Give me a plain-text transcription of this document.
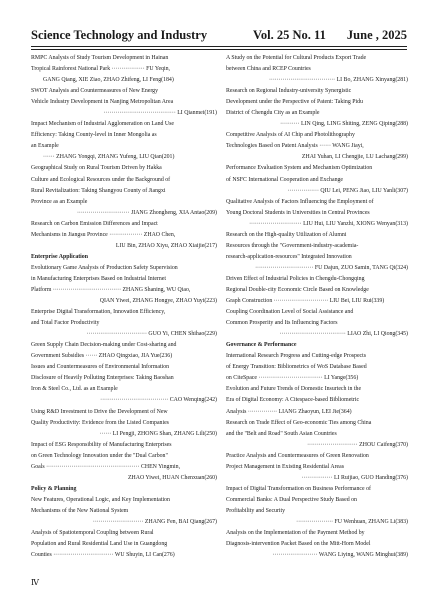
Science Technology and Industry	Vol. 25 No. 11 June , 2025
RMPC Analysis of Study Tourism Development in Hainan
Tropical Rainforest National Park ················· FU Yeqin,
GANG Qiang, XIE Ziao, ZHAO Zhifeng, LI Feng(184)
SWOT Analysis and Countermeasures of New Energy
Vehicle Industry Development in Nanjing Metropolitan Area
····································· LI Qianmei(191)
Impact Mechanism of Industrial Agglomeration on Land Use
Efficiency: Taking County-level in Inner Mongolia as
an Example
······ ZHANG Yongqi, ZHANG Yufeng, LIU Qian(201)
Geographical Study on Rural Tourism Driven by Hakka
Culture and Ecological Resources under the Background of
Rural Revitalization: Taking Shangyou County of Jiangxi
Province as an Example
··························· JIANG Zhongheng, XIA Antao(209)
Research on Carbon Emission Differences and Impact
Mechanisms in Jiangsu Province ················· ZHAO Chen,
LIU Bin, ZHAO Xiyu, ZHAO Xiaijie(217)
Enterprise Application
Evolutionary Game Analysis of Production Safety Supervision
in Manufacturing Enterprises Based on Industrial Internet
Platform ··································· ZHANG Shaning, WU Qiao,
QIAN Yiwei, ZHANG Hongye, ZHAO Yuyi(223)
Enterprise Digital Transformation, Innovation Efficiency,
and Total Factor Productivity
······························· GUO Yi, CHEN Shihao(229)
Green Supply Chain Decision-making under Cost-sharing and
Government Subsidies ······ ZHAO Qingxiao, JIA Yue(236)
Issues and Countermeasures of Environmental Information
Disclosure of Heavily Polluting Enterprises: Taking Baoshan
Iron & Steel Co., Ltd. as an Example
··································· CAO Wenqing(242)
Using R&D Investment to Drive the Development of New
Quality Productivity: Evidence from the Listed Companies
······ LI Pengji, ZHONG Shan, ZHANG Lili(250)
Impact of ESG Responsibility of Manufacturing Enterprises
on Green Technology Innovation under the "Dual Carbon"
Goals ················································ CHEN Yingmin,
ZHAO Yiwei, HUAN Chenxuan(260)
Policy & Planning
New Features, Operational Logic, and Key Implementation
Mechanisms of the New National System
·························· ZHANG Fen, BAI Qiang(267)
Analysis of Spatiotemporal Coupling between Rural
Population and Rural Residential Land Use in Guangdong
Counties ······························· WU Shuyin, LI Can(276)
A Study on the Potential for Cultural Products Export Trade
between China and RCEP Countries
·································· LI Bo, ZHANG Xinyang(281)
Research on Regional Industry-university Synergistic
Development under the Perspective of Patent: Taking Pidu
District of Chengdu City as an Example
·········· LIN Qing, LING Shiting, ZENG Qiping(288)
Competitive Analysis of AI Chip and Photolithography
Technologies Based on Patent Analysis ······ WANG Jiayi,
ZHAI Yuhan, LI Chengjie, LU Lachang(299)
Performance Evaluation System and Mechanism Optimization
of NSFC International Cooperation and Exchange
················ QIU Lei, PENG Jiao, LIU Yanli(307)
Qualitative Analysis of Factors Influencing the Employment of
Young Doctoral Students in Universities in Central Provinces
··························· LIU Hui, LIU Yanzhi, XIONG Wenyan(313)
Research on the High-quality Utilization of Alumni
Resources through the "Government-industry-academia-
research-application-resources" Integrated Innovation
······························ FU Dajun, ZUO Samin, TANG Qi(324)
Driven Effect of Industrial Policies in Chengdu-Chongqing
Regional Double-city Economic Circle Based on Knowledge
Graph Construction ···························· LIU Bei, LIU Rui(339)
Coupling Coordination Level of Social Assistance and
Common Prosperity and Its Influencing Factors
·································· LIAO Zhi, LI Qiong(345)
Governance & Performance
International Research Progress and Cutting-edge Prospects
of Energy Transition: Bibliometrics of WoS Database Based
on CiteSpace ································· LI Yange(356)
Evolution and Future Trends of Domestic Insurtech in the
Era of Digital Economy: A Citespace-based Bibliometric
Analysis ··············· LIANG Zhaoyun, LEI Jie(364)
Research on Trade Effect of Geo-economic Ties among China
and the "Belt and Road" South Asian Countries
·························· ZHOU Caifeng(370)
Practice Analysis and Countermeasures of Green Renovation
Project Management in Existing Residential Areas
················ LI Ruijiao, GUO Handing(376)
Impact of Digital Transformation on Business Performance of
Commercial Banks: A Dual Perspective Study Based on
Profitability and Security
··················· FU Wenhuan, ZHANG Li(383)
Analysis on the Implementation of the Payment Method by
Diagnosis-intervention Packet Based on the Mitt-Horn Model
······················· WANG Liying, WANG Minghui(389)
Ⅳ
